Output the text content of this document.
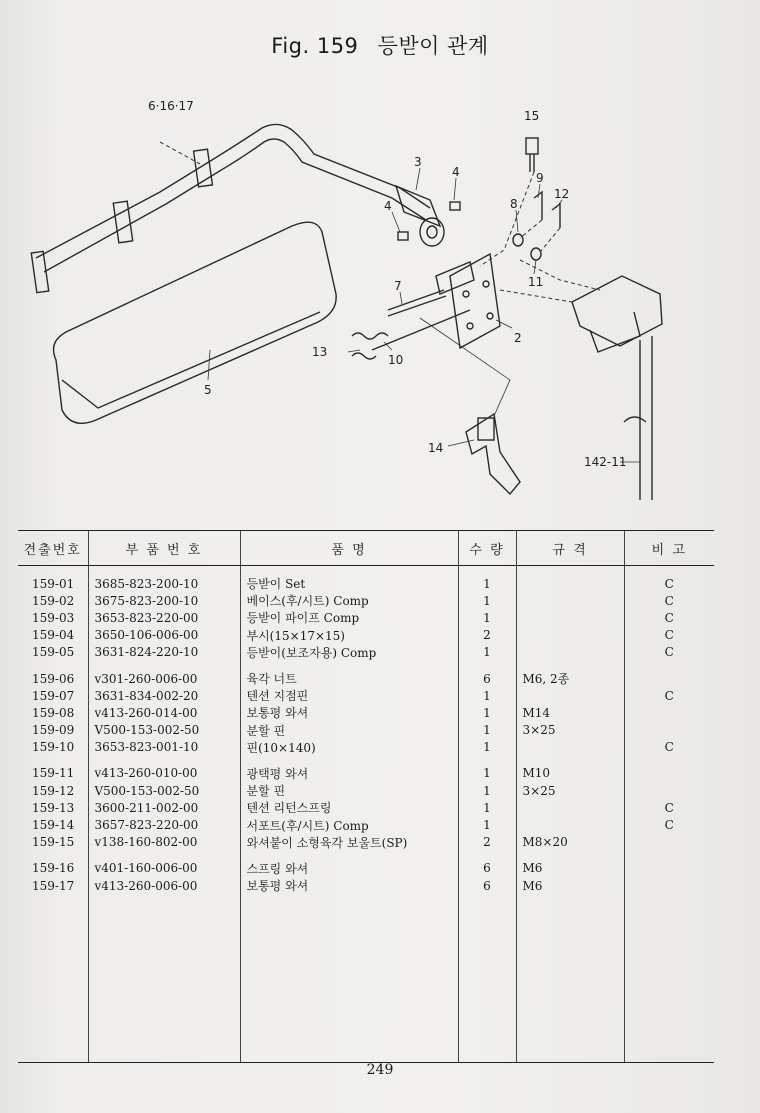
Fig. 159 등받이 관계
6·16·17
15
3
4
4
9
12
8
11
7
2
13
10
5
14
142-11
견출번호	부 품 번 호	품 명	수 량	규 격	비 고

159-01	3685-823-200-10	등받이 Set	1		C
159-02	3675-823-200-10	베이스(후/시트) Comp	1		C
159-03	3653-823-220-00	등받이 파이프 Comp	1		C
159-04	3650-106-006-00	부시(15×17×15)	2		C
159-05	3631-824-220-10	등받이(보조자용) Comp	1		C

159-06	v301-260-006-00	육각 너트	6	M6, 2종	
159-07	3631-834-002-20	텐션 지점핀	1		C
159-08	v413-260-014-00	보통평 와셔	1	M14	
159-09	V500-153-002-50	분할 핀	1	3×25	
159-10	3653-823-001-10	핀(10×140)	1		C

159-11	v413-260-010-00	광택평 와셔	1	M10	
159-12	V500-153-002-50	분할 핀	1	3×25	
159-13	3600-211-002-00	텐션 리턴스프링	1		C
159-14	3657-823-220-00	서포트(후/시트) Comp	1		C
159-15	v138-160-802-00	와셔붙이 소형육각 보울트(SP)	2	M8×20	

159-16	v401-160-006-00	스프링 와셔	6	M6	
159-17	v413-260-006-00	보통평 와셔	6	M6	

249
